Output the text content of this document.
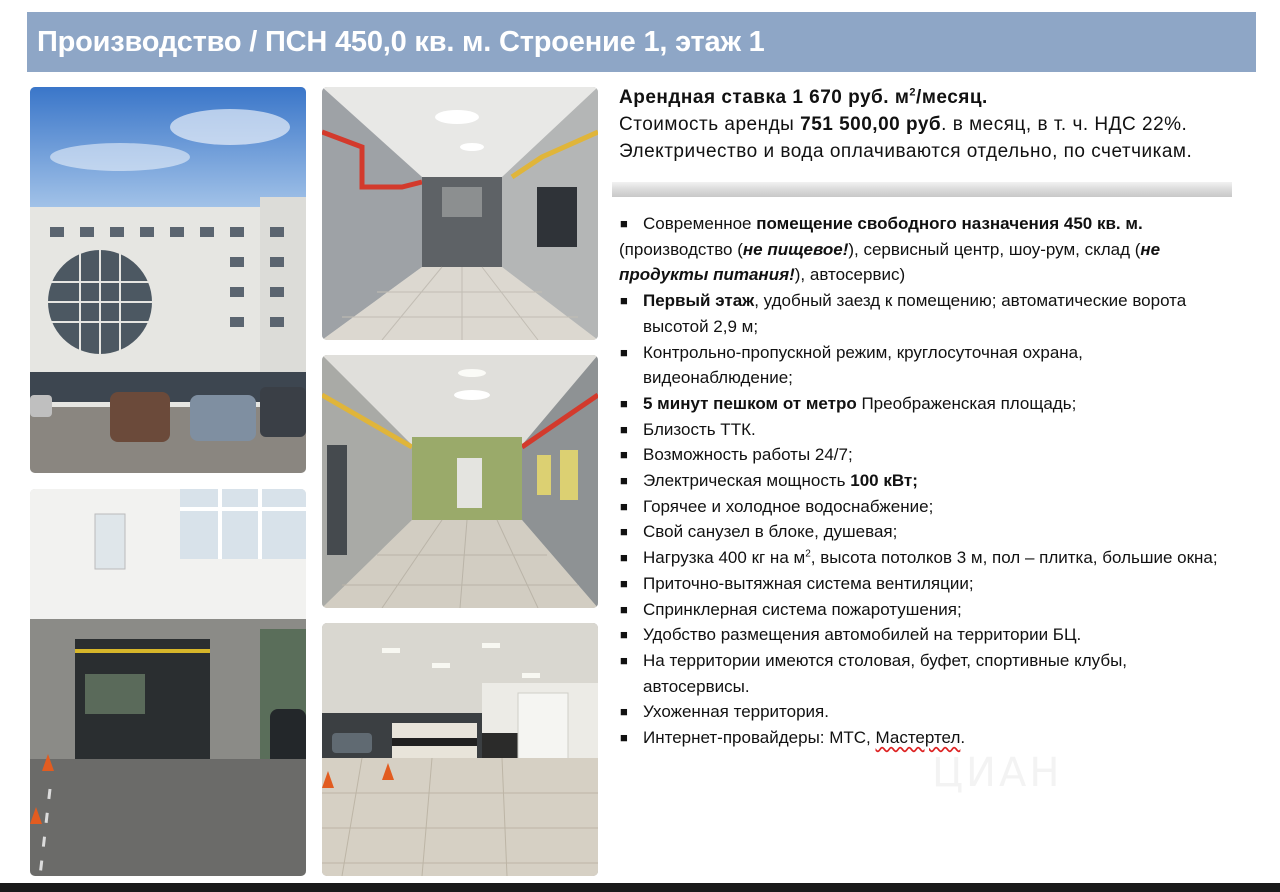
Производство / ПСН 450,0 кв. м. Строение 1, этаж 1

Арендная ставка 1 670 руб. $м^2$/месяц.

Стоимость аренды 751 500,00 руб. в месяц, в т. ч. НДС 22%.

Электричество и вода оплачиваются отдельно, по счетчикам.

■ Современное помещение свободного назначения 450 кв. м.
(производство (не пищевое!), сервисный центр, шоу-рум, склад (не
продукты питания!), автосервис)
■ Первый этаж, удобный заезд к помещению; автоматические ворота
высотой 2,9 м;
■ Контрольно-пропускной режим, круглосуточная охрана,
видеонаблюдение;
■ 5 минут пешком от метро Преображенская площадь;
■ Близость ТТК.
■ Возможность работы 24/7;
■ Электрическая мощность 100 кВт;
■ Горячее и холодное водоснабжение;
■ Свой санузел в блоке, душевая;
■ Нагрузка 400 кг на $м^2$, высота потолков 3 м, пол – плитка, большие окна;
■ Приточно-вытяжная система вентиляции;
■ Спринклерная система пожаротушения;
■ Удобство размещения автомобилей на территории БЦ.
■ На территории имеются столовая, буфет, спортивные клубы,
автосервисы.
■ Ухоженная территория.
■ Интернет-провайдеры: МТС, Мастертел.
ЦИАН
